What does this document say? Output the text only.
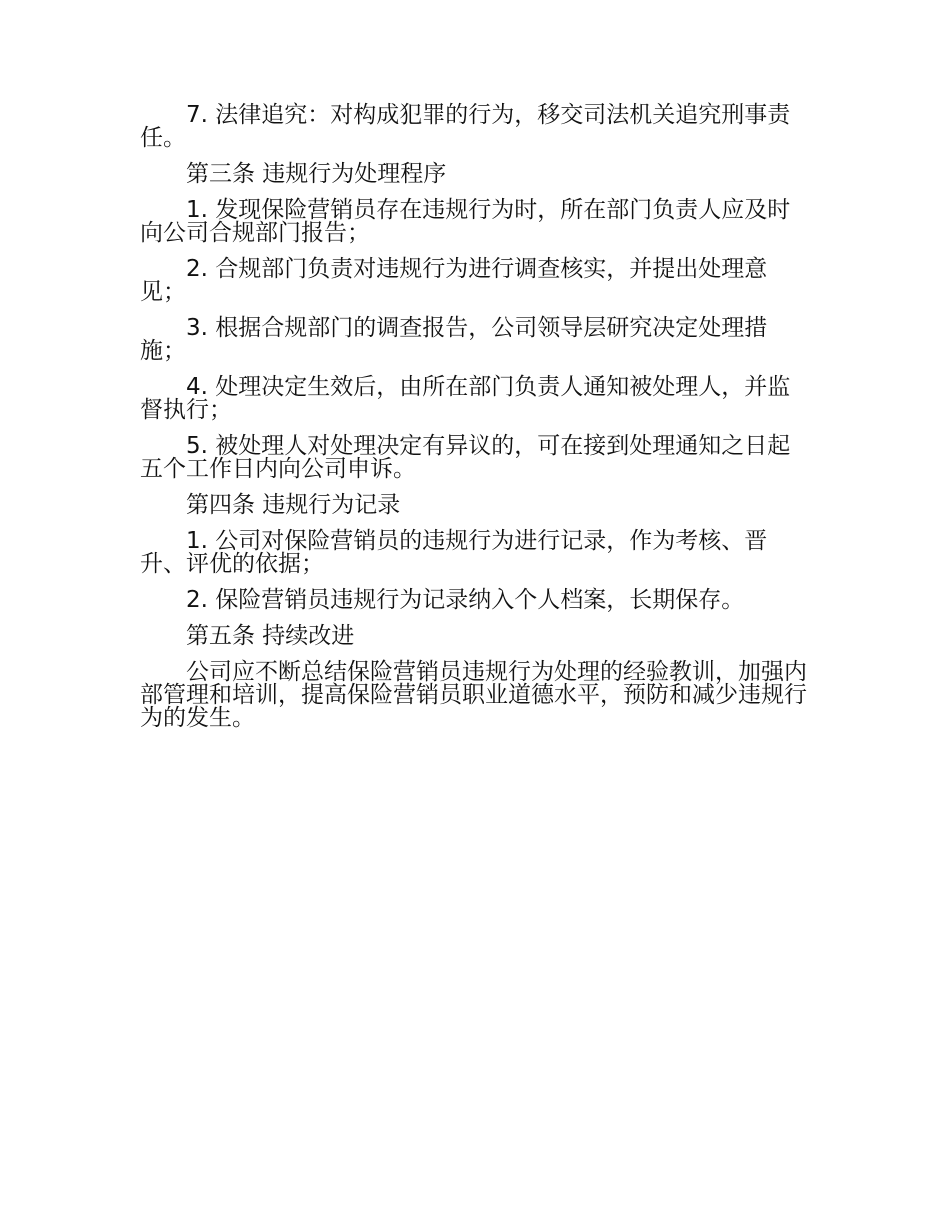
7. 法律追究：对构成犯罪的行为，移交司法机关追究刑事责任。

第三条 违规行为处理程序

1. 发现保险营销员存在违规行为时，所在部门负责人应及时向公司合规部门报告；

2. 合规部门负责对违规行为进行调查核实，并提出处理意见；

3. 根据合规部门的调查报告，公司领导层研究决定处理措施；

4. 处理决定生效后，由所在部门负责人通知被处理人，并监督执行；

5. 被处理人对处理决定有异议的，可在接到处理通知之日起五个工作日内向公司申诉。

第四条 违规行为记录

1. 公司对保险营销员的违规行为进行记录，作为考核、晋升、评优的依据；

2. 保险营销员违规行为记录纳入个人档案，长期保存。

第五条 持续改进

公司应不断总结保险营销员违规行为处理的经验教训，加强内部管理和培训，提高保险营销员职业道德水平，预防和减少违规行为的发生。
